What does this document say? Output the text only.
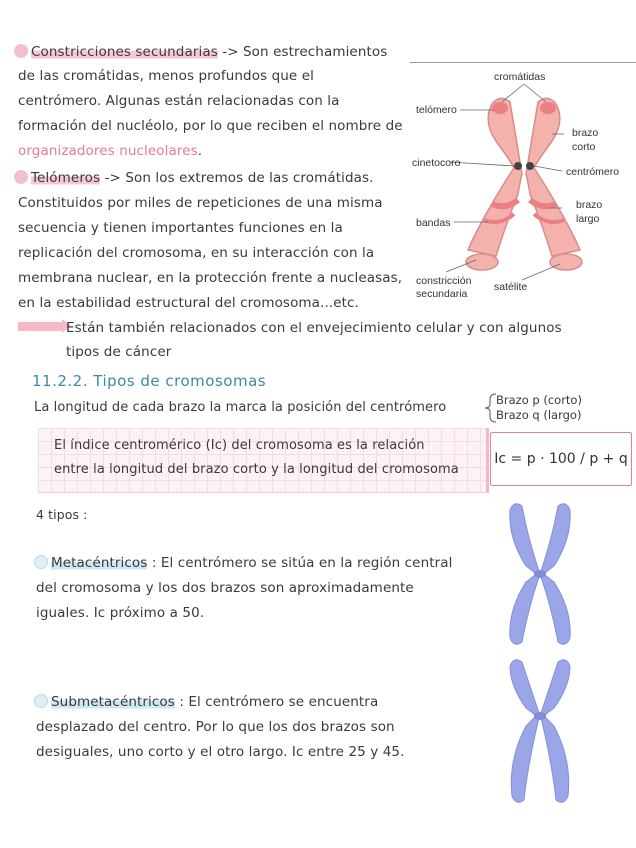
Constricciones secundarias -> Son estrechamientos
de las cromátidas, menos profundos que el
centrómero. Algunas están relacionadas con la
formación del nucléolo, por lo que reciben el nombre de
organizadores nucleolares.
Telómeros -> Son los extremos de las cromátidas.
Constituidos por miles de repeticiones de una misma
secuencia y tienen importantes funciones en la
replicación del cromosoma, en su interacción con la
membrana nuclear, en la protección frente a nucleasas,
en la estabilidad estructural del cromosoma...etc.
Están también relacionados con el envejecimiento celular y con algunos
tipos de cáncer
11.2.2. Tipos de cromosomas
La longitud de cada brazo la marca la posición del centrómero	Brazo p (corto)
Brazo q (largo)
El índice centromérico (Ic) del cromosoma es la relación
entre la longitud del brazo corto y la longitud del cromosoma
Ic = p · 100 / p + q
4 tipos :
Metacéntricos : El centrómero se sitúa en la región central
del cromosoma y los dos brazos son aproximadamente
iguales. Ic próximo a 50.
Submetacéntricos : El centrómero se encuentra
desplazado del centro. Por lo que los dos brazos son
desiguales, uno corto y el otro largo. Ic entre 25 y 45.
cromátidas
telómero
brazo
corto
cinetocoro
centrómero
brazo
largo
bandas
constricción
secundaria
satélite
